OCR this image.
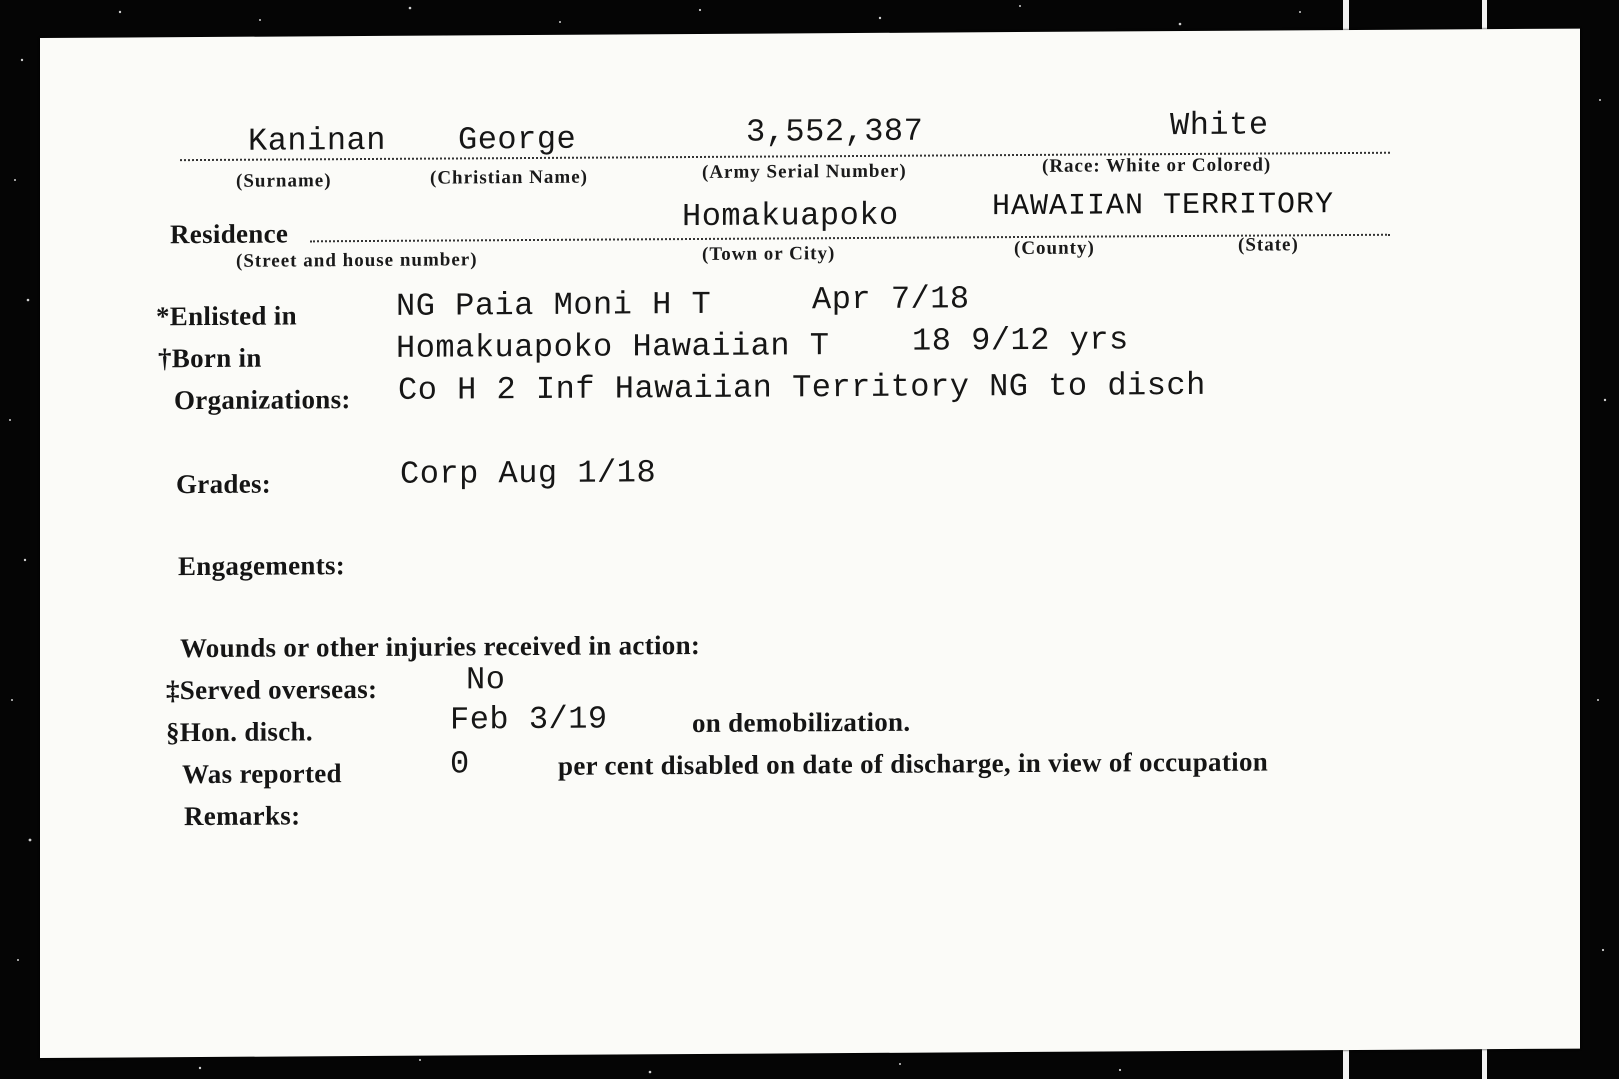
Kaninan George	3,552,387	White
(Surname)	(Christian Name)	(Army Serial Number)	(Race: White or Colored)
Residence	Homakuapoko	HAWAIIAN TERRITORY
(Street and house number)	(Town or City)	(County)	(State)
*Enlisted in	NG Paia Moni H T	Apr 7/18
†Born in	Homakuapoko Hawaiian T	18 9/12 yrs
Organizations: Co H 2 Inf Hawaiian Territory NG to disch
Grades:	Corp Aug 1/18
Engagements:
Wounds or other injuries received in action:
‡Served overseas:	No
§Hon. disch.	Feb 3/19	on demobilization.
Was reported	0	per cent disabled on date of discharge, in view of occupation
Remarks:
